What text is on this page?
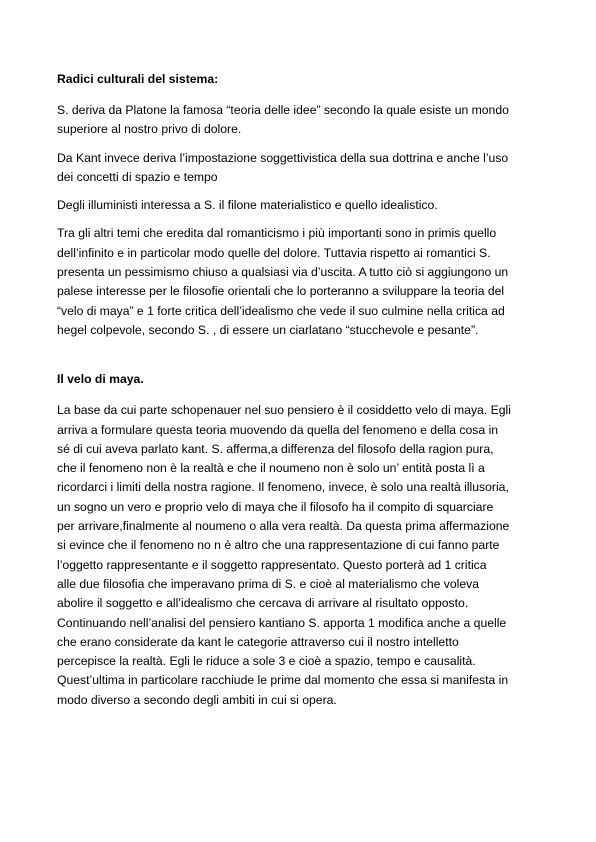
Radici culturali del sistema:
S. deriva da Platone la famosa “teoria delle idee” secondo la quale esiste un mondo
superiore al nostro privo di dolore.
Da Kant invece deriva l’impostazione soggettivistica della sua dottrina e anche l’uso
dei concetti di spazio e tempo
Degli illuministi interessa a S. il filone materialistico e quello idealistico.
Tra gli altri temi che eredita dal romanticismo i più importanti sono in primis quello
dell’infinito e in particolar modo quelle del dolore. Tuttavia rispetto ai romantici S.
presenta un pessimismo chiuso a qualsiasi via d’uscita. A tutto ciò si aggiungono un
palese interesse per le filosofie orientali che lo porteranno a sviluppare la teoria del
“velo di maya” e 1 forte critica dell’idealismo che vede il suo culmine nella critica ad
hegel colpevole, secondo S. , di essere un ciarlatano “stucchevole e pesante”.
Il velo di maya.
La base da cui parte schopenauer nel suo pensiero è il cosiddetto velo di maya. Egli
arriva a formulare questa teoria muovendo da quella del fenomeno e della cosa in
sé di cui aveva parlato kant. S. afferma,a differenza del filosofo della ragion pura,
che il fenomeno non è la realtà e che il noumeno non è solo un’ entità posta lì a
ricordarci i limiti della nostra ragione. Il fenomeno, invece, è solo una realtà illusoria,
un sogno un vero e proprio velo di maya che il filosofo ha il compito di squarciare
per arrivare,finalmente al noumeno o alla vera realtà. Da questa prima affermazione
si evince che il fenomeno no n è altro che una rappresentazione di cui fanno parte
l’oggetto rappresentante e il soggetto rappresentato. Questo porterà ad 1 critica
alle due filosofia che imperavano prima di S. e cioè al materialismo che voleva
abolire il soggetto e all’idealismo che cercava di arrivare al risultato opposto.
Continuando nell’analisi del pensiero kantiano S. apporta 1 modifica anche a quelle
che erano considerate da kant le categorie attraverso cui il nostro intelletto
percepisce la realtà. Egli le riduce a sole 3 e cioè a spazio, tempo e causalità.
Quest’ultima in particolare racchiude le prime dal momento che essa si manifesta in
modo diverso a secondo degli ambiti in cui si opera.
